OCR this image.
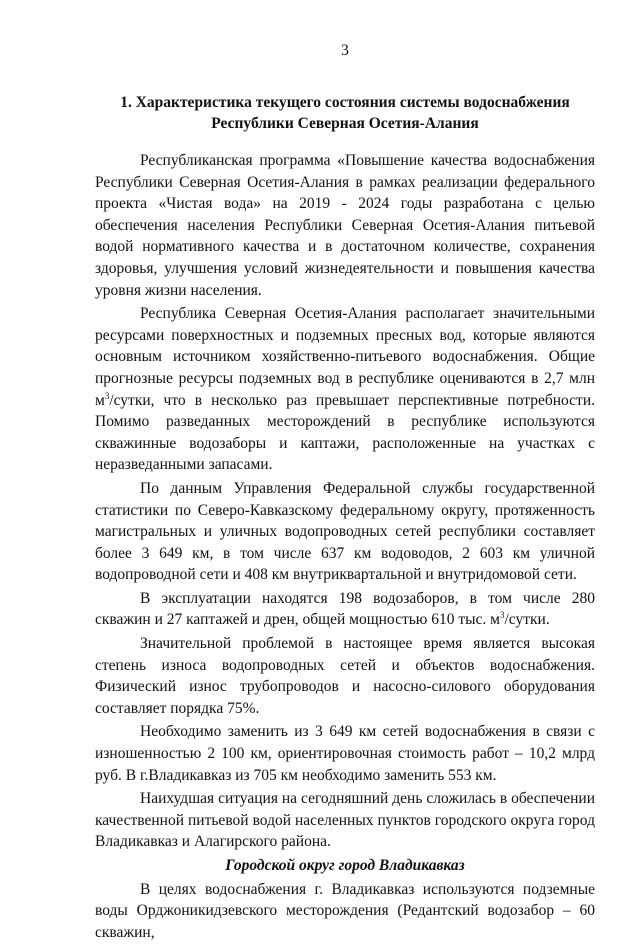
3
1. Характеристика текущего состояния системы водоснабжения
Республики Северная Осетия-Алания

Республиканская программа «Повышение качества водоснабжения Республики Северная Осетия-Алания в рамках реализации федерального проекта «Чистая вода» на 2019 - 2024 годы разработана с целью обеспечения населения Республики Северная Осетия-Алания питьевой водой нормативного качества и в достаточном количестве, сохранения здоровья, улучшения условий жизнедеятельности и повышения качества уровня жизни населения.

Республика Северная Осетия-Алания располагает значительными ресурсами поверхностных и подземных пресных вод, которые являются основным источником хозяйственно-питьевого водоснабжения. Общие прогнозные ресурсы подземных вод в республике оцениваются в 2,7 млн $м^3$/сутки, что в несколько раз превышает перспективные потребности. Помимо разведанных месторождений в республике используются скважинные водозаборы и каптажи, расположенные на участках с неразведанными запасами.

По данным Управления Федеральной службы государственной статистики по Северо-Кавказскому федеральному округу, протяженность магистральных и уличных водопроводных сетей республики составляет более 3 649 км, в том числе 637 км водоводов, 2 603 км уличной водопроводной сети и 408 км внутриквартальной и внутридомовой сети.

В эксплуатации находятся 198 водозаборов, в том числе 280 скважин и 27 каптажей и дрен, общей мощностью 610 тыс. $м^3$/сутки.

Значительной проблемой в настоящее время является высокая степень износа водопроводных сетей и объектов водоснабжения. Физический износ трубопроводов и насосно-силового оборудования составляет порядка 75%.

Необходимо заменить из 3 649 км сетей водоснабжения в связи с изношенностью 2 100 км, ориентировочная стоимость работ – 10,2 млрд руб. В г.Владикавказ из 705 км необходимо заменить 553 км.

Наихудшая ситуация на сегодняшний день сложилась в обеспечении качественной питьевой водой населенных пунктов городского округа город Владикавказ и Алагирского района.

Городской округ город Владикавказ

В целях водоснабжения г. Владикавказ используются подземные воды Орджоникидзевского месторождения (Редантский водозабор – 60 скважин,
